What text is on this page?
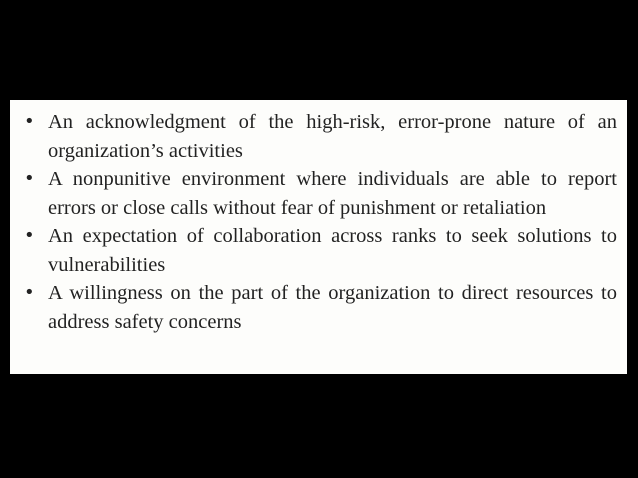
• An acknowledgment of the high-risk, error-prone nature of an organization’s activities
• A nonpunitive environment where individuals are able to report errors or close calls without fear of punishment or retaliation
• An expectation of collaboration across ranks to seek solutions to vulnerabilities
• A willingness on the part of the organization to direct resources to address safety concerns
